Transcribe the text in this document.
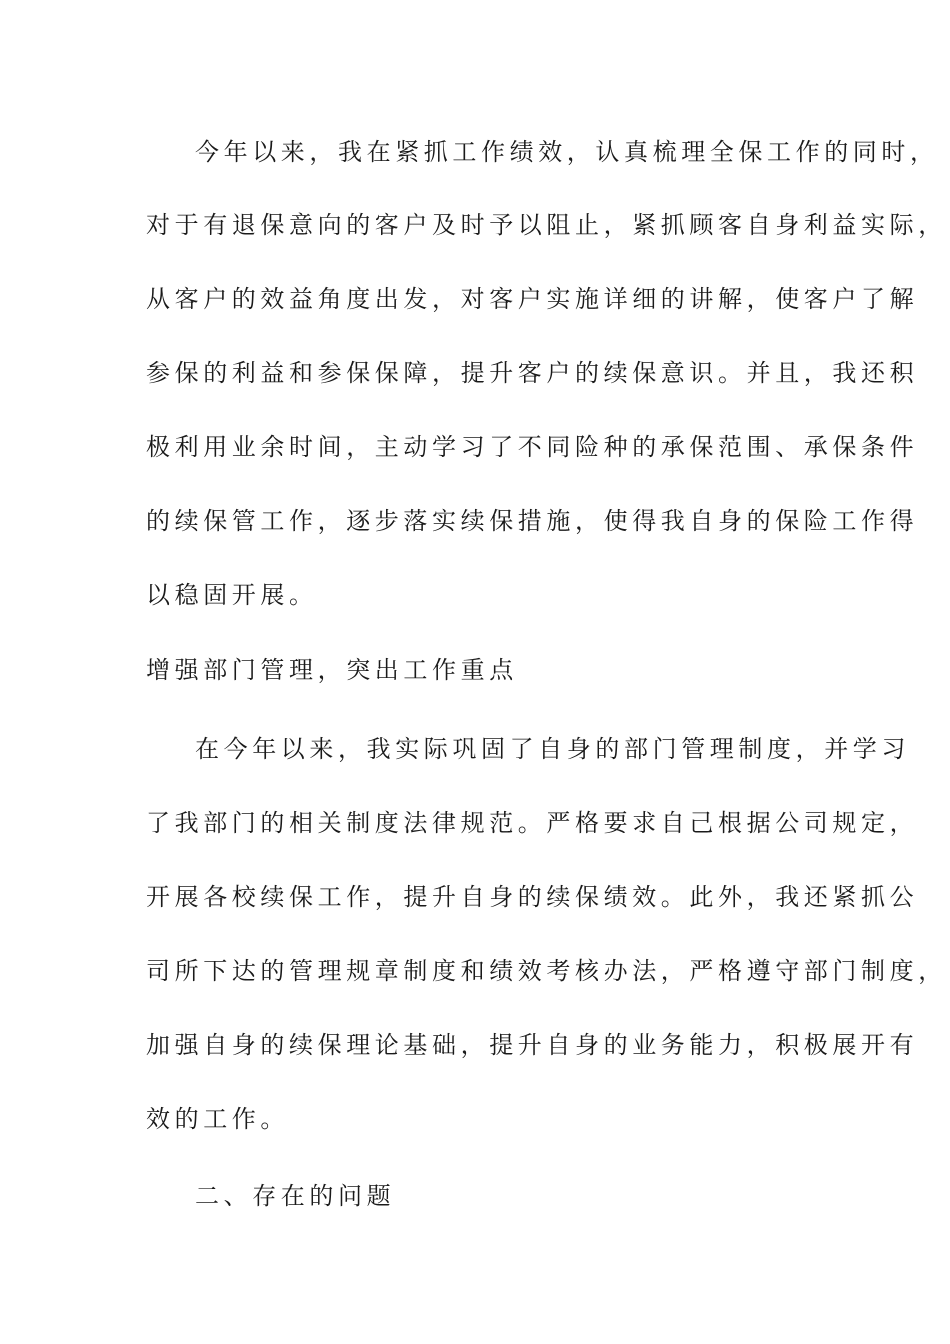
今年以来，我在紧抓工作绩效，认真梳理全保工作的同时，
对于有退保意向的客户及时予以阻止，紧抓顾客自身利益实际，
从客户的效益角度出发，对客户实施详细的讲解，使客户了解
参保的利益和参保保障，提升客户的续保意识。并且，我还积
极利用业余时间，主动学习了不同险种的承保范围、承保条件
的续保管工作，逐步落实续保措施，使得我自身的保险工作得
以稳固开展。
增强部门管理，突出工作重点
在今年以来，我实际巩固了自身的部门管理制度，并学习
了我部门的相关制度法律规范。严格要求自己根据公司规定，
开展各校续保工作，提升自身的续保绩效。此外，我还紧抓公
司所下达的管理规章制度和绩效考核办法，严格遵守部门制度，
加强自身的续保理论基础，提升自身的业务能力，积极展开有
效的工作。
二、存在的问题
